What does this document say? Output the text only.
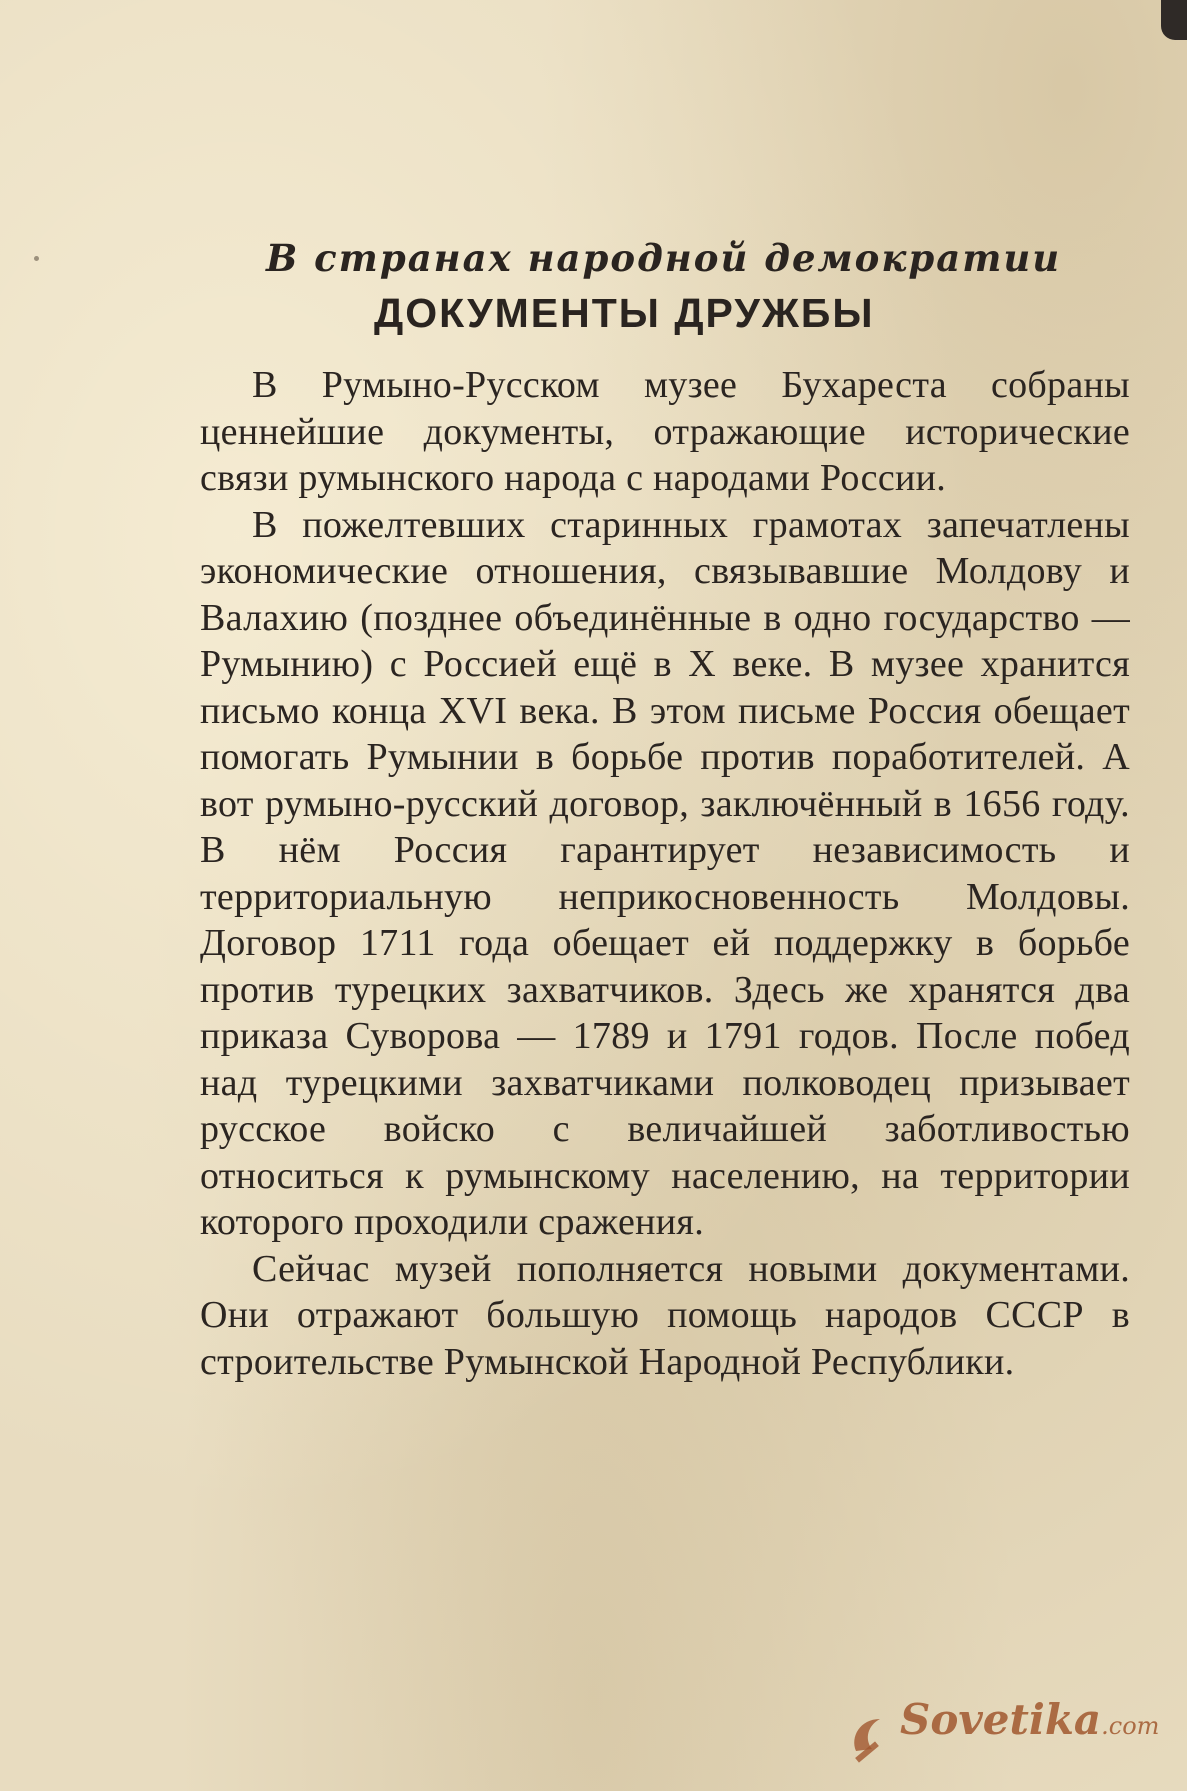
В странах народной демократии
ДОКУМЕНТЫ ДРУЖБЫ

В Румыно-Русском музее Бухареста собраны ценнейшие документы, отражающие исторические связи румынского народа с народами России.

В пожелтевших старинных грамотах запечатлены экономические отношения, связывавшие Молдову и Валахию (позднее объединённые в одно государство — Румынию) с Россией ещё в X веке. В музее хранится письмо конца XVI века. В этом письме Россия обещает помогать Румынии в борьбе против поработителей. А вот румыно-русский договор, заключённый в 1656 году. В нём Россия гарантирует независимость и территориальную неприкосновенность Молдовы. Договор 1711 года обещает ей поддержку в борьбе против турецких захватчиков. Здесь же хранятся два приказа Суворова — 1789 и 1791 годов. После побед над турецкими захватчиками полководец призывает русское войско с величайшей заботливостью относиться к румынскому населению, на территории которого проходили сражения.

Сейчас музей пополняется новыми документами. Они отражают большую помощь народов СССР в строительстве Румынской Народной Республики.

Sovetika.com
